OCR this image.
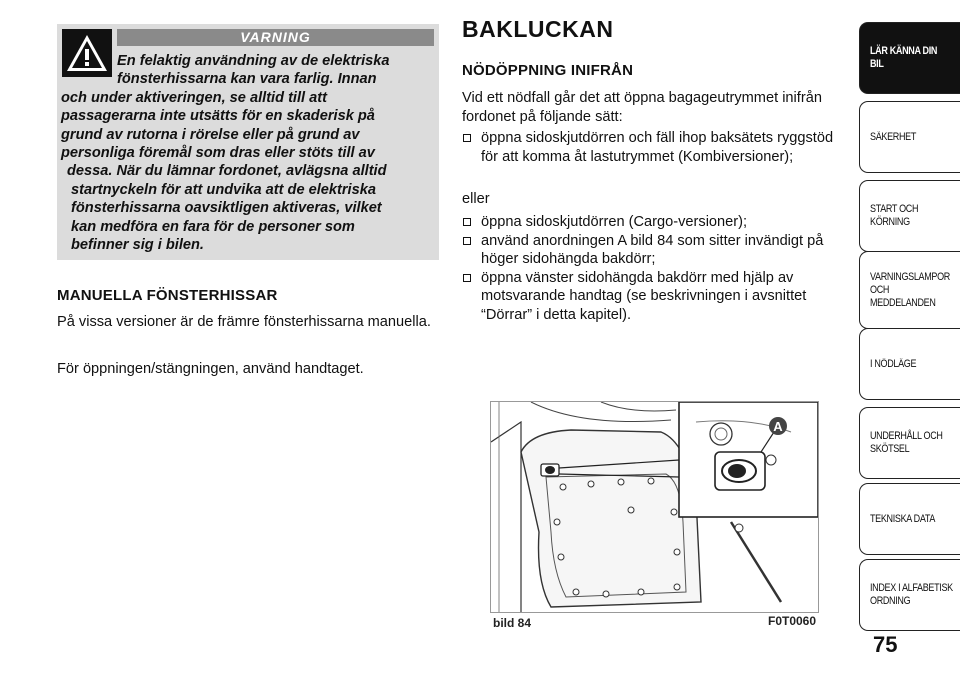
VARNING
En felaktig användning av de elektriska
fönsterhissarna kan vara farlig. Innan
och under aktiveringen, se alltid till att
passagerarna inte utsätts för en skaderisk på
grund av rutorna i rörelse eller på grund av
personliga föremål som dras eller stöts till av
dessa. När du lämnar fordonet, avlägsna alltid
startnyckeln för att undvika att de elektriska
fönsterhissarna oavsiktligen aktiveras, vilket
kan medföra en fara för de personer som
befinner sig i bilen.
MANUELLA FÖNSTERHISSAR
På vissa versioner är de främre fönsterhissarna manuella.
För öppningen/stängningen, använd handtaget.
BAKLUCKAN
NÖDÖPPNING INIFRÅN
Vid ett nödfall går det att öppna bagageutrymmet inifrån fordonet på följande sätt:
öppna sidoskjutdörren och fäll ihop baksätets ryggstöd för att komma åt lastutrymmet (Kombiversioner);
eller
öppna sidoskjutdörren (Cargo-versioner);
använd anordningen A bild 84 som sitter invändigt på höger sidohängda bakdörr;
öppna vänster sidohängda bakdörr med hjälp av motsvarande handtag (se beskrivningen i avsnittet “Dörrar” i detta kapitel).
A
bild 84	F0T0060
LÄR KÄNNA DIN
BIL
SÄKERHET
START OCH
KÖRNING
VARNINGSLAMPOR
OCH
MEDDELANDEN
I NÖDLÄGE
UNDERHÅLL OCH
SKÖTSEL
TEKNISKA DATA
INDEX I ALFABETISK
ORDNING
75
